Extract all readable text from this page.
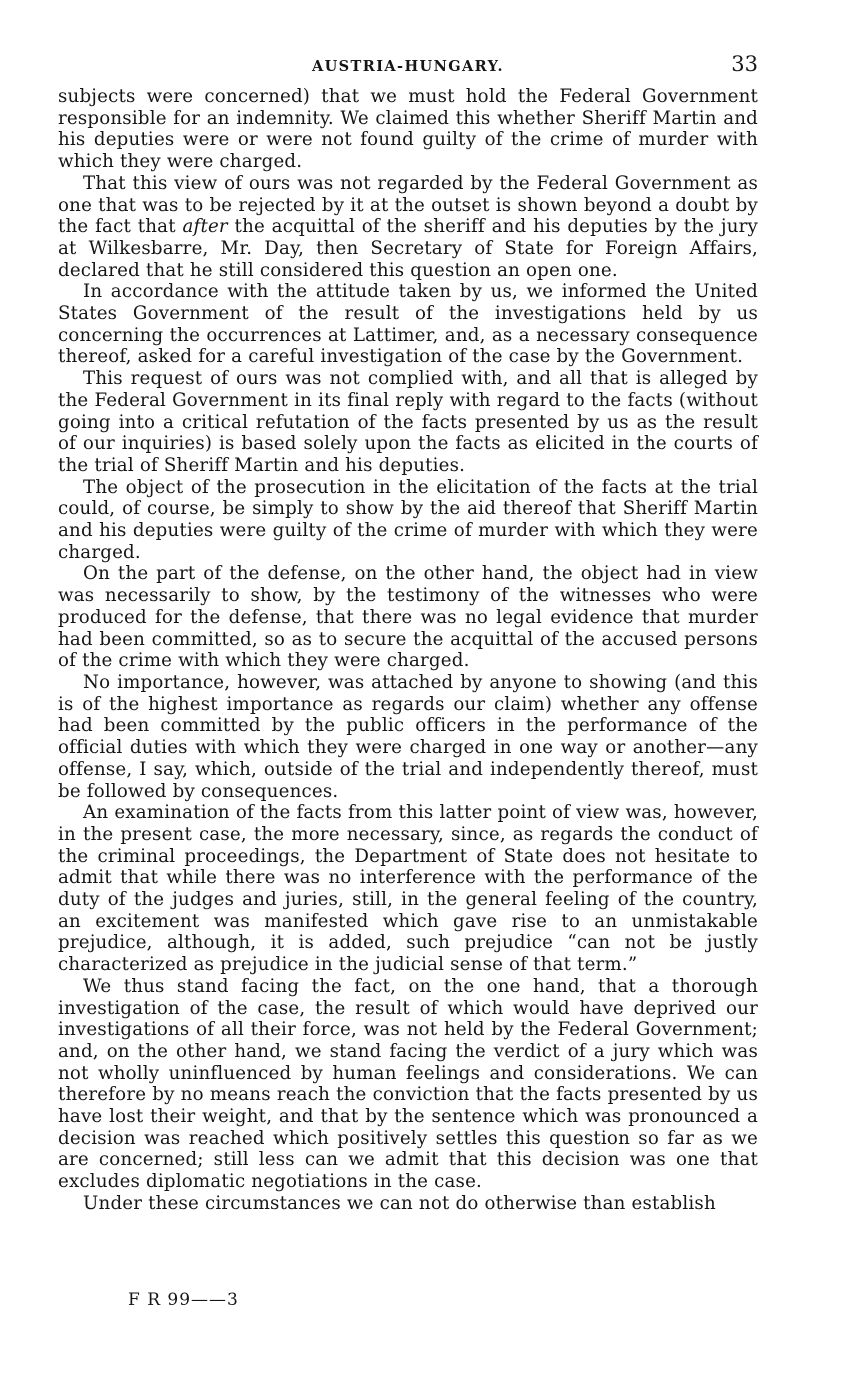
AUSTRIA-HUNGARY.	33

subjects were concerned) that we must hold the Federal Government responsible for an indemnity. We claimed this whether Sheriff Martin and his deputies were or were not found guilty of the crime of murder with which they were charged.

That this view of ours was not regarded by the Federal Government as one that was to be rejected by it at the outset is shown beyond a doubt by the fact that after the acquittal of the sheriff and his deputies by the jury at Wilkesbarre, Mr. Day, then Secretary of State for Foreign Affairs, declared that he still considered this question an open one.

In accordance with the attitude taken by us, we informed the United States Government of the result of the investigations held by us concerning the occurrences at Lattimer, and, as a necessary consequence thereof, asked for a careful investigation of the case by the Government.

This request of ours was not complied with, and all that is alleged by the Federal Government in its final reply with regard to the facts (without going into a critical refutation of the facts presented by us as the result of our inquiries) is based solely upon the facts as elicited in the courts of the trial of Sheriff Martin and his deputies.

The object of the prosecution in the elicitation of the facts at the trial could, of course, be simply to show by the aid thereof that Sheriff Martin and his deputies were guilty of the crime of murder with which they were charged.

On the part of the defense, on the other hand, the object had in view was necessarily to show, by the testimony of the witnesses who were produced for the defense, that there was no legal evidence that murder had been committed, so as to secure the acquittal of the accused persons of the crime with which they were charged.

No importance, however, was attached by anyone to showing (and this is of the highest importance as regards our claim) whether any offense had been committed by the public officers in the performance of the official duties with which they were charged in one way or another—any offense, I say, which, outside of the trial and independently thereof, must be followed by consequences.

An examination of the facts from this latter point of view was, however, in the present case, the more necessary, since, as regards the conduct of the criminal proceedings, the Department of State does not hesitate to admit that while there was no interference with the performance of the duty of the judges and juries, still, in the general feeling of the country, an excitement was manifested which gave rise to an unmistakable prejudice, although, it is added, such prejudice “can not be justly characterized as prejudice in the judicial sense of that term.”

We thus stand facing the fact, on the one hand, that a thorough investigation of the case, the result of which would have deprived our investigations of all their force, was not held by the Federal Government; and, on the other hand, we stand facing the verdict of a jury which was not wholly uninfluenced by human feelings and considerations. We can therefore by no means reach the conviction that the facts presented by us have lost their weight, and that by the sentence which was pronounced a decision was reached which positively settles this question so far as we are concerned; still less can we admit that this decision was one that excludes diplomatic negotiations in the case.

Under these circumstances we can not do otherwise than establish

F R 99——3
